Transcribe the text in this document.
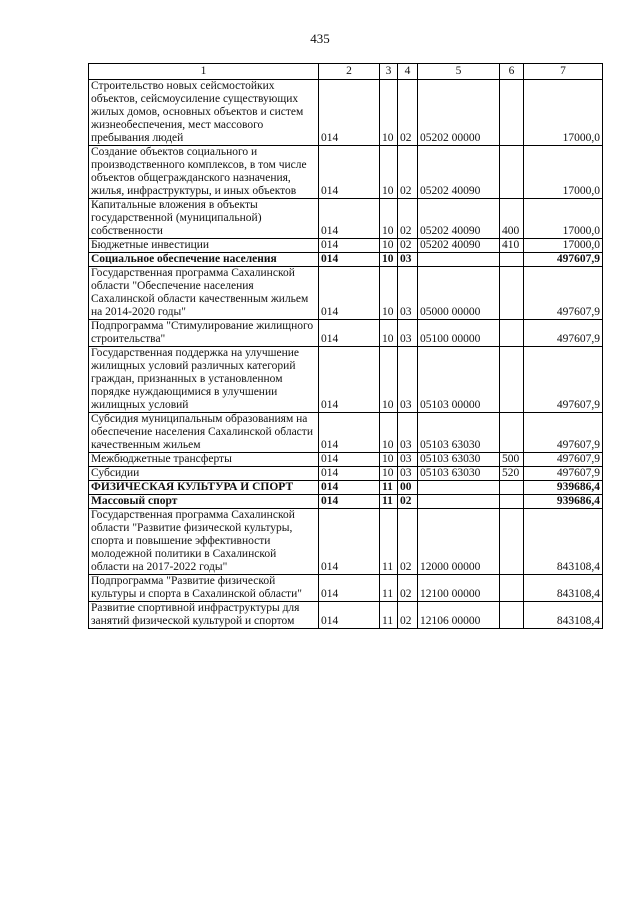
435
1	2	3	4	5	6	7
Строительство новых сейсмостойких объектов, сейсмоусиление существующих жилых домов, основных объектов и систем жизнеобеспечения, мест массового пребывания людей	014	10	02	05202 00000		17000,0
Создание объектов социального и производственного комплексов, в том числе объектов общегражданского назначения, жилья, инфраструктуры, и иных объектов	014	10	02	05202 40090		17000,0
Капитальные вложения в объекты государственной (муниципальной) собственности	014	10	02	05202 40090	400	17000,0
Бюджетные инвестиции	014	10	02	05202 40090	410	17000,0
Социальное обеспечение населения	014	10	03			497607,9
Государственная программа Сахалинской области "Обеспечение населения Сахалинской области качественным жильем на 2014-2020 годы"	014	10	03	05000 00000		497607,9
Подпрограмма "Стимулирование жилищного строительства"	014	10	03	05100 00000		497607,9
Государственная поддержка на улучшение жилищных условий различных категорий граждан, признанных в установленном порядке нуждающимися в улучшении жилищных условий	014	10	03	05103 00000		497607,9
Субсидия муниципальным образованиям на обеспечение населения Сахалинской области качественным жильем	014	10	03	05103 63030		497607,9
Межбюджетные трансферты	014	10	03	05103 63030	500	497607,9
Субсидии	014	10	03	05103 63030	520	497607,9
ФИЗИЧЕСКАЯ КУЛЬТУРА И СПОРТ	014	11	00			939686,4
Массовый спорт	014	11	02			939686,4
Государственная программа Сахалинской области "Развитие физической культуры, спорта и повышение эффективности молодежной политики в Сахалинской области на 2017-2022 годы"	014	11	02	12000 00000		843108,4
Подпрограмма "Развитие физической культуры и спорта в Сахалинской области"	014	11	02	12100 00000		843108,4
Развитие спортивной инфраструктуры для занятий физической культурой и спортом	014	11	02	12106 00000		843108,4
